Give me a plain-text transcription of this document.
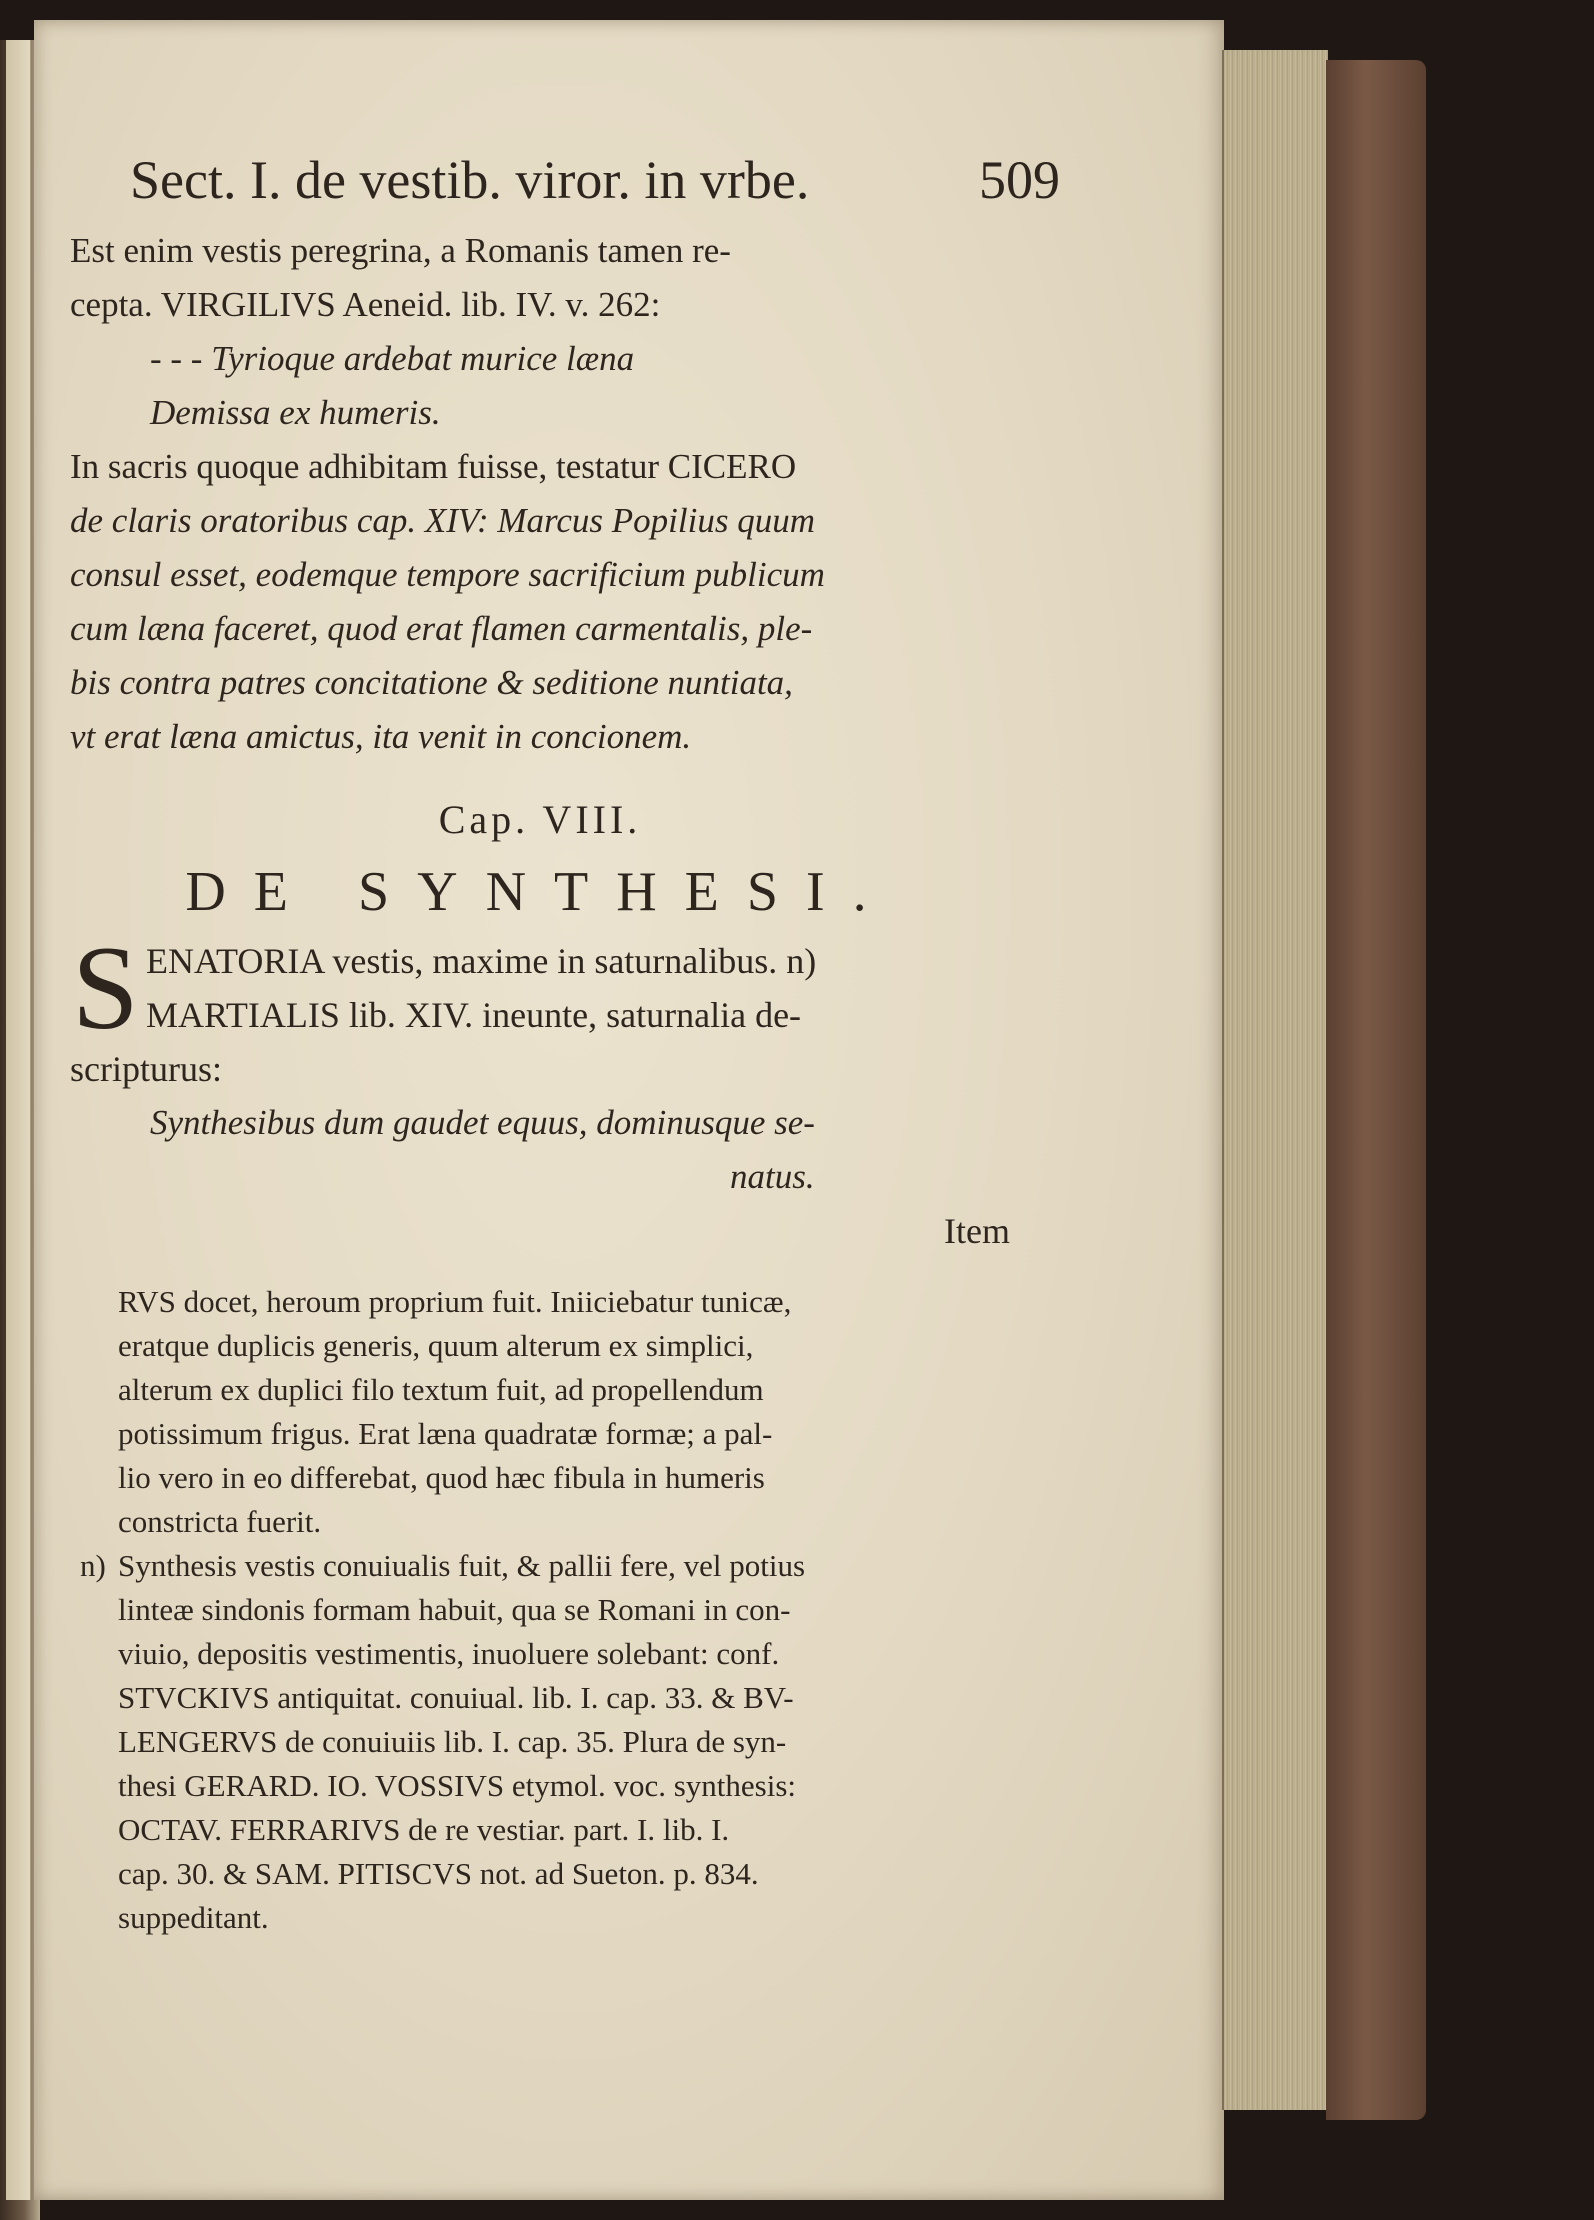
Sect. I. de vestib. viror. in vrbe.	509

Est enim vestis peregrina, a Romanis tamen re-
cepta. VIRGILIVS Aeneid. lib. IV. v. 262:

- - - Tyrioque ardebat murice læna
Demissa ex humeris.

In sacris quoque adhibitam fuisse, testatur CICERO
de claris oratoribus cap. XIV: Marcus Popilius quum
consul esset, eodemque tempore sacrificium publicum
cum læna faceret, quod erat flamen carmentalis, ple-
bis contra patres concitatione & seditione nuntiata,
vt erat læna amictus, ita venit in concionem.

Cap. VIII.
DE SYNTHESI.
S ENATORIA vestis, maxime in saturnalibus. n)
MARTIALIS lib. XIV. ineunte, saturnalia de-
scripturus:

Synthesibus dum gaudet equus, dominusque se-
natus.

Item
RVS docet, heroum proprium fuit. Iniiciebatur tunicæ,
eratque duplicis generis, quum alterum ex simplici,
alterum ex duplici filo textum fuit, ad propellendum
potissimum frigus. Erat læna quadratæ formæ; a pal-
lio vero in eo differebat, quod hæc fibula in humeris
constricta fuerit.
n) Synthesis vestis conuiualis fuit, & pallii fere, vel potius
linteæ sindonis formam habuit, qua se Romani in con-
viuio, depositis vestimentis, inuoluere solebant: conf.
STVCKIVS antiquitat. conuiual. lib. I. cap. 33. & BV-
LENGERVS de conuiuiis lib. I. cap. 35. Plura de syn-
thesi GERARD. IO. VOSSIVS etymol. voc. synthesis:
OCTAV. FERRARIVS de re vestiar. part. I. lib. I.
cap. 30. & SAM. PITISCVS not. ad Sueton. p. 834.
suppeditant.
